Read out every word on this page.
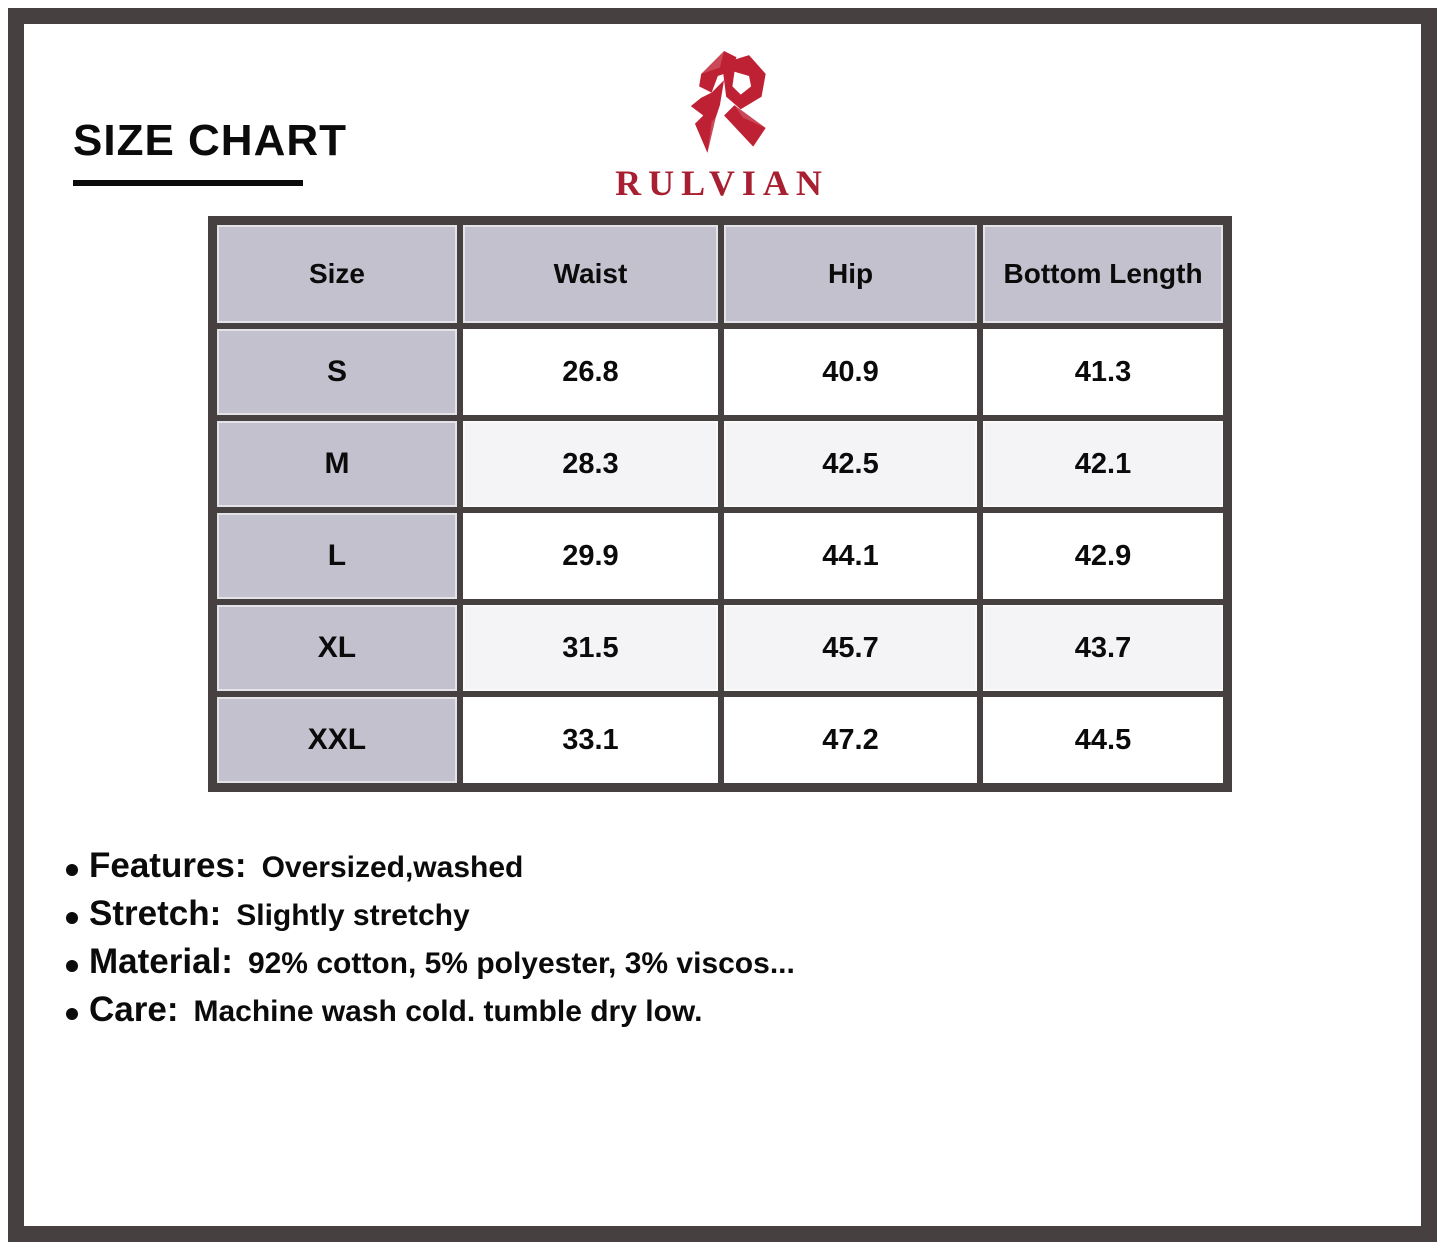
SIZE CHART
RULVIAN
Size	Waist	Hip	Bottom Length
S	26.8	40.9	41.3
M	28.3	42.5	42.1
L	29.9	44.1	42.9
XL	31.5	45.7	43.7
XXL	33.1	47.2	44.5
Features: Oversized,washed
Stretch: Slightly stretchy
Material: 92% cotton, 5% polyester, 3% viscos...
Care: Machine wash cold. tumble dry low.
